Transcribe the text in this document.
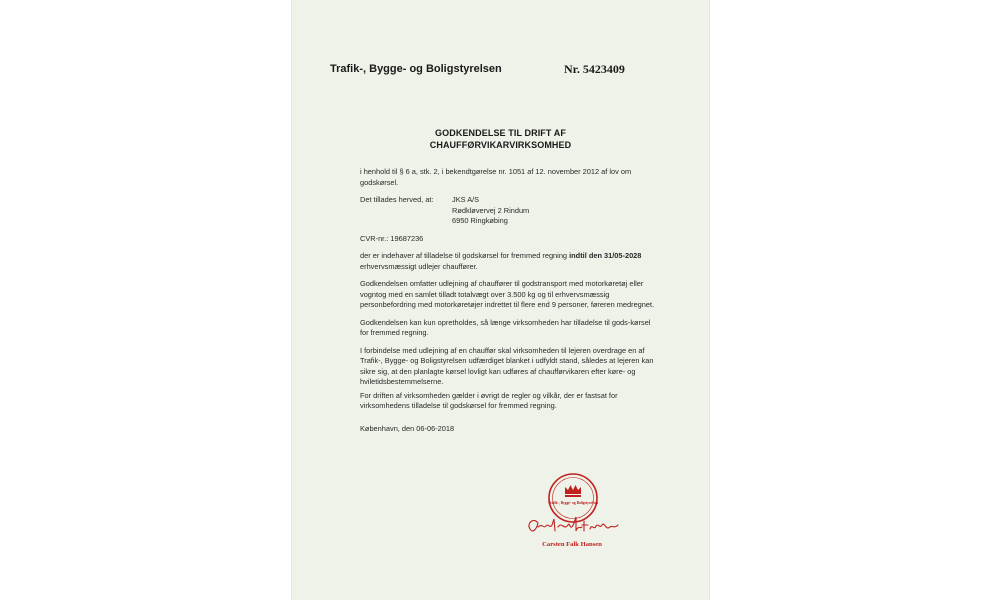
Trafik-, Bygge- og Boligstyrelsen	Nr. 5423409
GODKENDELSE TIL DRIFT AF
CHAUFFØRVIKARVIRKSOMHED

i henhold til § 6 a, stk. 2, i bekendtgørelse nr. 1051 af 12. november 2012 af lov om godskørsel.

Det tillades herved, at:	JKS A/S
Rødkløvervej 2 Rindum
6950 Ringkøbing

CVR-nr.: 19687236

der er indehaver af tilladelse til godskørsel for fremmed regning indtil den 31/05-2028 erhvervsmæssigt udlejer chauffører.

Godkendelsen omfatter udlejning af chauffører til godstransport med motorkøretøj eller vogntog med en samlet tilladt totalvægt over 3.500 kg og til erhvervsmæssig personbefordring med motorkøretøjer indrettet til flere end 9 personer, føreren medregnet.

Godkendelsen kan kun opretholdes, så længe virksomheden har tilladelse til gods-kørsel for fremmed regning.

I forbindelse med udlejning af en chauffør skal virksomheden til lejeren overdrage en af Trafik-, Bygge- og Boligstyrelsen udfærdiget blanket i udfyldt stand, således at lejeren kan sikre sig, at den planlagte kørsel lovligt kan udføres af chaufførvikaren efter køre- og hviletidsbestemmelserne.

For driften af virksomheden gælder i øvrigt de regler og vilkår, der er fastsat for virksomhedens tilladelse til godskørsel for fremmed regning.

København, den 06-06-2018
Trafik-, Bygge- og Boligstyrelsen
Carsten Falk Hansen
